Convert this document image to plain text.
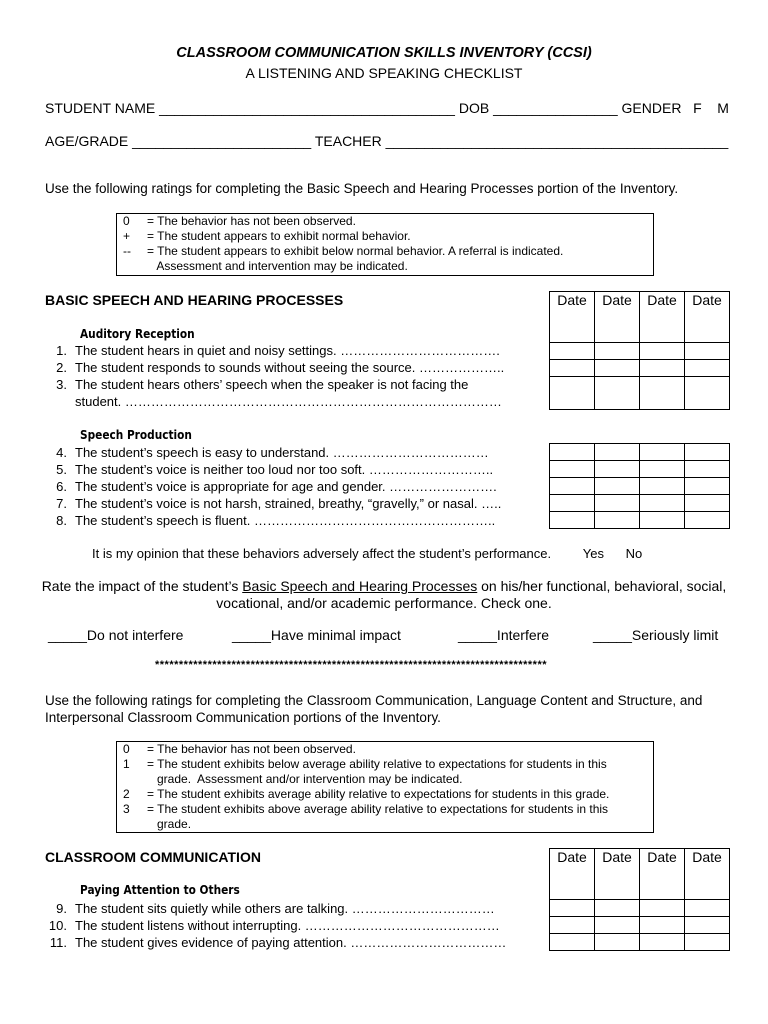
CLASSROOM COMMUNICATION SKILLS INVENTORY (CCSI)
A LISTENING AND SPEAKING CHECKLIST
STUDENT NAME ______________________________________ DOB ________________ GENDER   F    M
AGE/GRADE _______________________ TEACHER ____________________________________________
Use the following ratings for completing the Basic Speech and Hearing Processes portion of the Inventory.
0	= The behavior has not been observed.
+	= The student appears to exhibit normal behavior.
--	= The student appears to exhibit below normal behavior. A referral is indicated.
Assessment and intervention may be indicated.
BASIC SPEECH AND HEARING PROCESSES	Date	Date	Date	Date

Auditory Reception
1. The student hears in quiet and noisy settings. ……………………………….
2. The student responds to sounds without seeing the source. ………………..
3. The student hears others’ speech when the speaker is not facing the
student. ……………………………………………………………………………
Speech Production

4. The student’s speech is easy to understand. ………………………………
5. The student’s voice is neither too loud nor too soft. ………………………..
6. The student’s voice is appropriate for age and gender. …………………….
7. The student’s voice is not harsh, strained, breathy, “gravelly,” or nasal. …..
8. The student’s speech is fluent. ………………………………………………..
It is my opinion that these behaviors adversely affect the student’s performance. Yes No
Rate the impact of the student’s Basic Speech and Hearing Processes on his/her functional, behavioral, social,
vocational, and/or academic performance. Check one.
_____Do not interfere	_____Have minimal impact	_____Interfere	_____Seriously limit
**********************************************************************************
Use the following ratings for completing the Classroom Communication, Language Content and Structure, and
Interpersonal Classroom Communication portions of the Inventory.
0	= The behavior has not been observed.
1	= The student exhibits below average ability relative to expectations for students in this
grade.  Assessment and/or intervention may be indicated.
2	= The student exhibits average ability relative to expectations for students in this grade.
3	= The student exhibits above average ability relative to expectations for students in this
grade.
CLASSROOM COMMUNICATION	Date	Date	Date	Date

Paying Attention to Others
9. The student sits quietly while others are talking. ……………………………
10. The student listens without interrupting. ………………………………………
11. The student gives evidence of paying attention. ………………………………
